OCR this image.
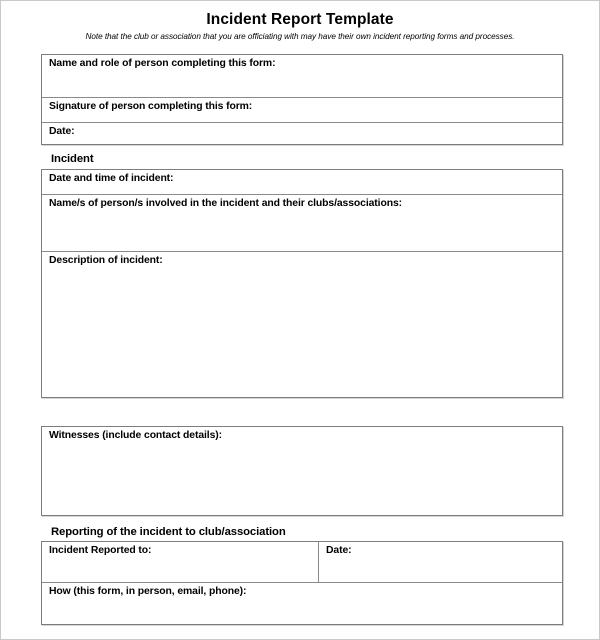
Incident Report Template
Note that the club or association that you are officiating with may have their own incident reporting forms and processes.
Name and role of person completing this form:
Signature of person completing this form:
Date:
Incident
Date and time of incident:
Name/s of person/s involved in the incident and their clubs/associations:
Description of incident:
Witnesses (include contact details):
Reporting of the incident to club/association
Incident Reported to:	Date:
How (this form, in person, email, phone):
